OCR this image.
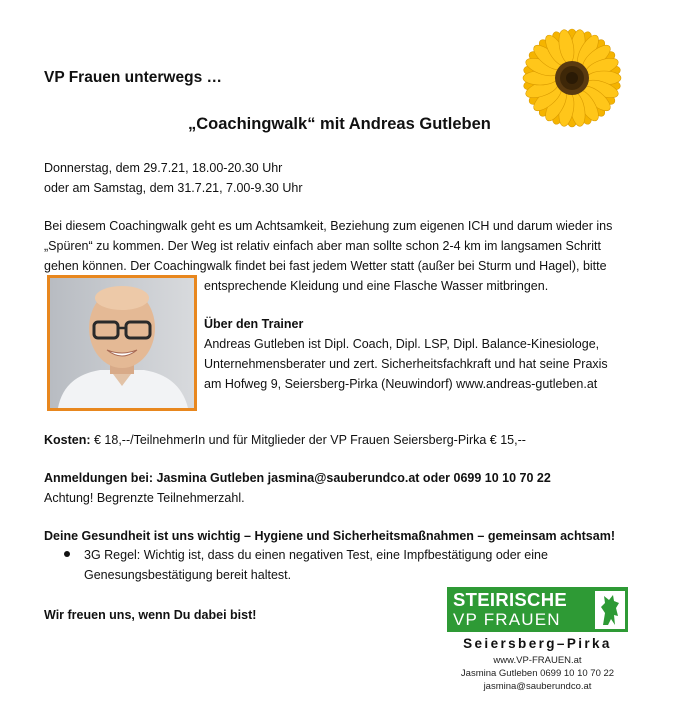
VP Frauen unterwegs …
„Coachingwalk“ mit Andreas Gutleben
Donnerstag, dem 29.7.21, 18.00-20.30 Uhr
oder am Samstag, dem 31.7.21, 7.00-9.30 Uhr
Bei diesem Coachingwalk geht es um Achtsamkeit, Beziehung zum eigenen ICH und darum wieder ins
„Spüren“ zu kommen. Der Weg ist relativ einfach aber man sollte schon 2-4 km im langsamen Schritt
gehen können. Der Coachingwalk findet bei fast jedem Wetter statt (außer bei Sturm und Hagel), bitte
entsprechende Kleidung und eine Flasche Wasser mitbringen.
Über den Trainer
Andreas Gutleben ist Dipl. Coach, Dipl. LSP, Dipl. Balance-Kinesiologe,
Unternehmensberater und zert. Sicherheitsfachkraft und hat seine Praxis
am Hofweg 9, Seiersberg-Pirka (Neuwindorf) www.andreas-gutleben.at
Kosten: € 18,--/TeilnehmerIn und für Mitglieder der VP Frauen Seiersberg-Pirka € 15,--
Anmeldungen bei: Jasmina Gutleben jasmina@sauberundco.at oder 0699 10 10 70 22
Achtung! Begrenzte Teilnehmerzahl.
Deine Gesundheit ist uns wichtig – Hygiene und Sicherheitsmaßnahmen – gemeinsam achtsam!
3G Regel: Wichtig ist, dass du einen negativen Test, eine Impfbestätigung oder eine
Genesungsbestätigung bereit haltest.
Wir freuen uns, wenn Du dabei bist!
STEIRISCHE
VP FRAUEN
Seiersberg–Pirka
www.VP-FRAUEN.at
Jasmina Gutleben 0699 10 10 70 22
jasmina@sauberundco.at
